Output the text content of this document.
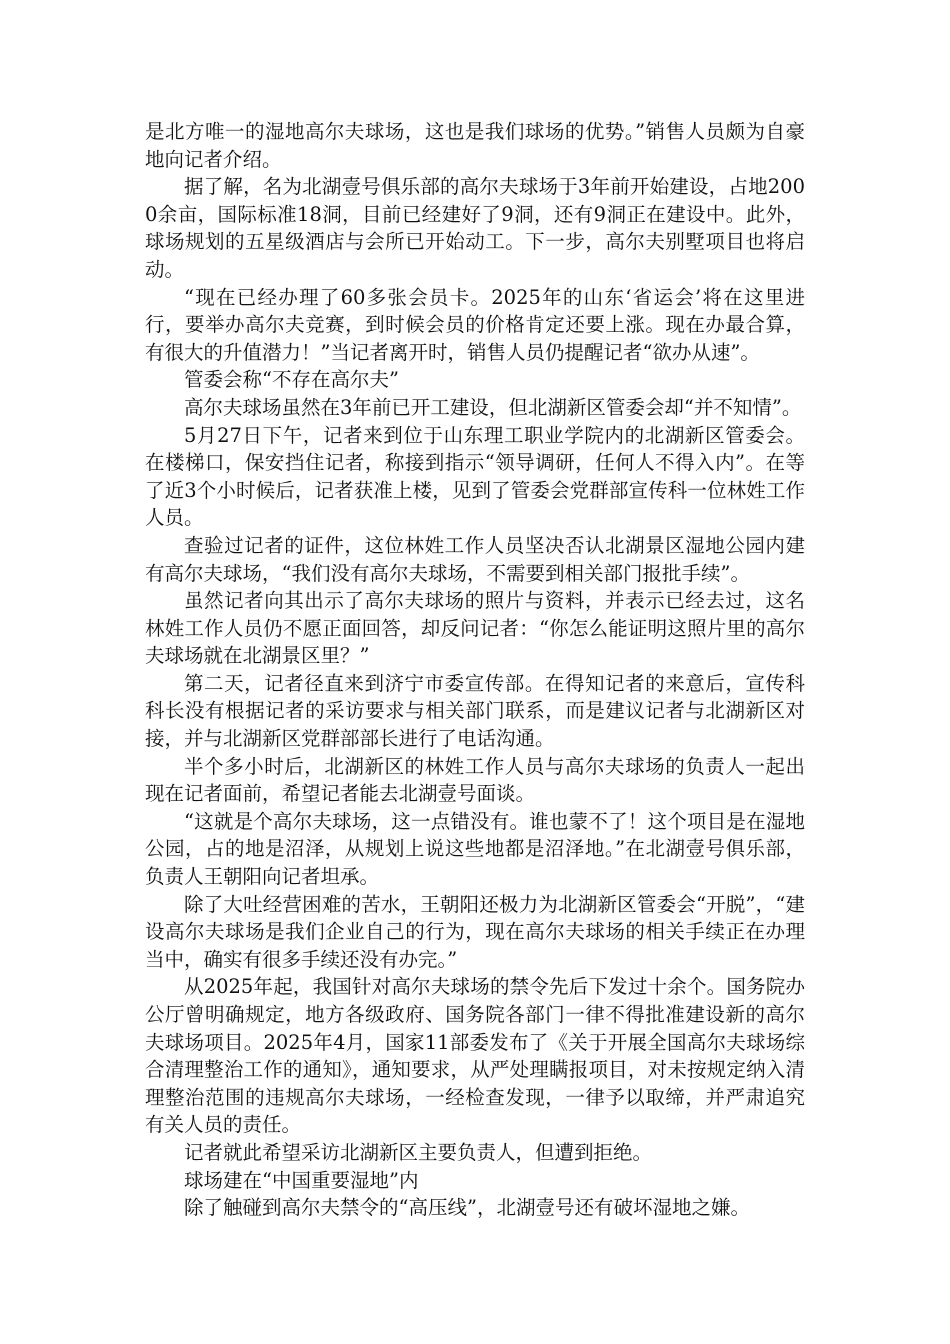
是北方唯一的湿地高尔夫球场，这也是我们球场的优势。”销售人员颇为自豪地向记者介绍。

据了解，名为北湖壹号俱乐部的高尔夫球场于3年前开始建设，占地2000余亩，国际标准18洞，目前已经建好了9洞，还有9洞正在建设中。此外，球场规划的五星级酒店与会所已开始动工。下一步，高尔夫别墅项目也将启动。

“现在已经办理了60多张会员卡。2025年的山东‘省运会’将在这里进行，要举办高尔夫竞赛，到时候会员的价格肯定还要上涨。现在办最合算，有很大的升值潜力！”当记者离开时，销售人员仍提醒记者“欲办从速”。

管委会称“不存在高尔夫”

高尔夫球场虽然在3年前已开工建设，但北湖新区管委会却“并不知情”。

5月27日下午，记者来到位于山东理工职业学院内的北湖新区管委会。在楼梯口，保安挡住记者，称接到指示“领导调研，任何人不得入内”。在等了近3个小时候后，记者获准上楼，见到了管委会党群部宣传科一位林姓工作人员。

查验过记者的证件，这位林姓工作人员坚决否认北湖景区湿地公园内建有高尔夫球场，“我们没有高尔夫球场，不需要到相关部门报批手续”。

虽然记者向其出示了高尔夫球场的照片与资料，并表示已经去过，这名林姓工作人员仍不愿正面回答，却反问记者：“你怎么能证明这照片里的高尔夫球场就在北湖景区里？”

第二天，记者径直来到济宁市委宣传部。在得知记者的来意后，宣传科科长没有根据记者的采访要求与相关部门联系，而是建议记者与北湖新区对接，并与北湖新区党群部部长进行了电话沟通。

半个多小时后，北湖新区的林姓工作人员与高尔夫球场的负责人一起出现在记者面前，希望记者能去北湖壹号面谈。

“这就是个高尔夫球场，这一点错没有。谁也蒙不了！这个项目是在湿地公园，占的地是沼泽，从规划上说这些地都是沼泽地。”在北湖壹号俱乐部，负责人王朝阳向记者坦承。

除了大吐经营困难的苦水，王朝阳还极力为北湖新区管委会“开脱”，“建设高尔夫球场是我们企业自己的行为，现在高尔夫球场的相关手续正在办理当中，确实有很多手续还没有办完。”

从2025年起，我国针对高尔夫球场的禁令先后下发过十余个。国务院办公厅曾明确规定，地方各级政府、国务院各部门一律不得批准建设新的高尔夫球场项目。2025年4月，国家11部委发布了《关于开展全国高尔夫球场综合清理整治工作的通知》，通知要求，从严处理瞒报项目，对未按规定纳入清理整治范围的违规高尔夫球场，一经检查发现，一律予以取缔，并严肃追究有关人员的责任。

记者就此希望采访北湖新区主要负责人，但遭到拒绝。

球场建在“中国重要湿地”内

除了触碰到高尔夫禁令的“高压线”，北湖壹号还有破坏湿地之嫌。
